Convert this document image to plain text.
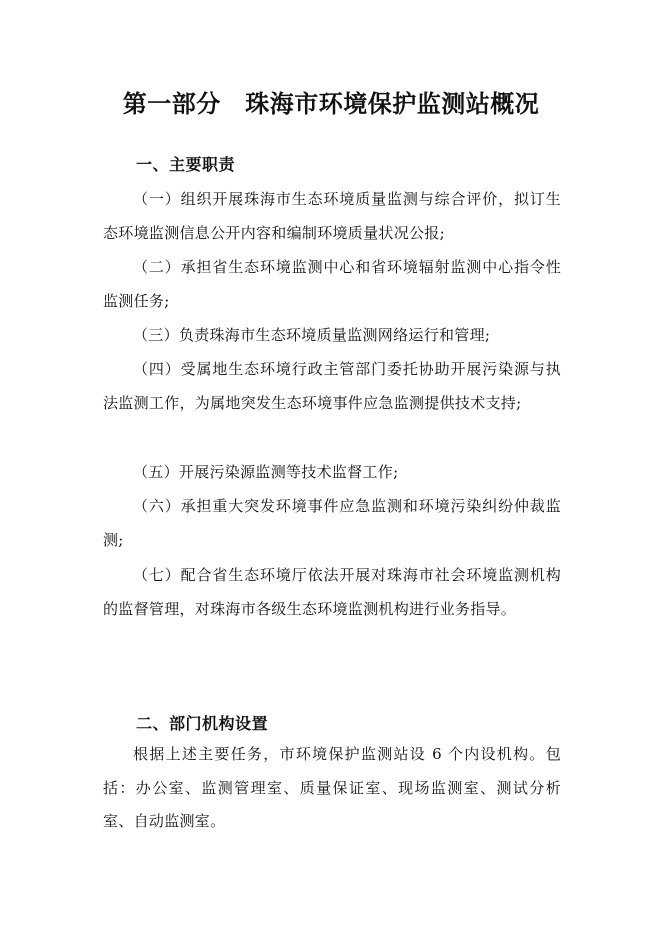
第一部分　珠海市环境保护监测站概况
一、主要职责
（一）组织开展珠海市生态环境质量监测与综合评价，拟订生态环境监测信息公开内容和编制环境质量状况公报;
（二）承担省生态环境监测中心和省环境辐射监测中心指令性监测任务;
（三）负责珠海市生态环境质量监测网络运行和管理;
（四）受属地生态环境行政主管部门委托协助开展污染源与执法监测工作，为属地突发生态环境事件应急监测提供技术支持;
（五）开展污染源监测等技术监督工作;
（六）承担重大突发环境事件应急监测和环境污染纠纷仲裁监测;
（七）配合省生态环境厅依法开展对珠海市社会环境监测机构的监督管理，对珠海市各级生态环境监测机构进行业务指导。
二、部门机构设置
根据上述主要任务，市环境保护监测站设 6 个内设机构。包括：办公室、监测管理室、质量保证室、现场监测室、测试分析室、自动监测室。
